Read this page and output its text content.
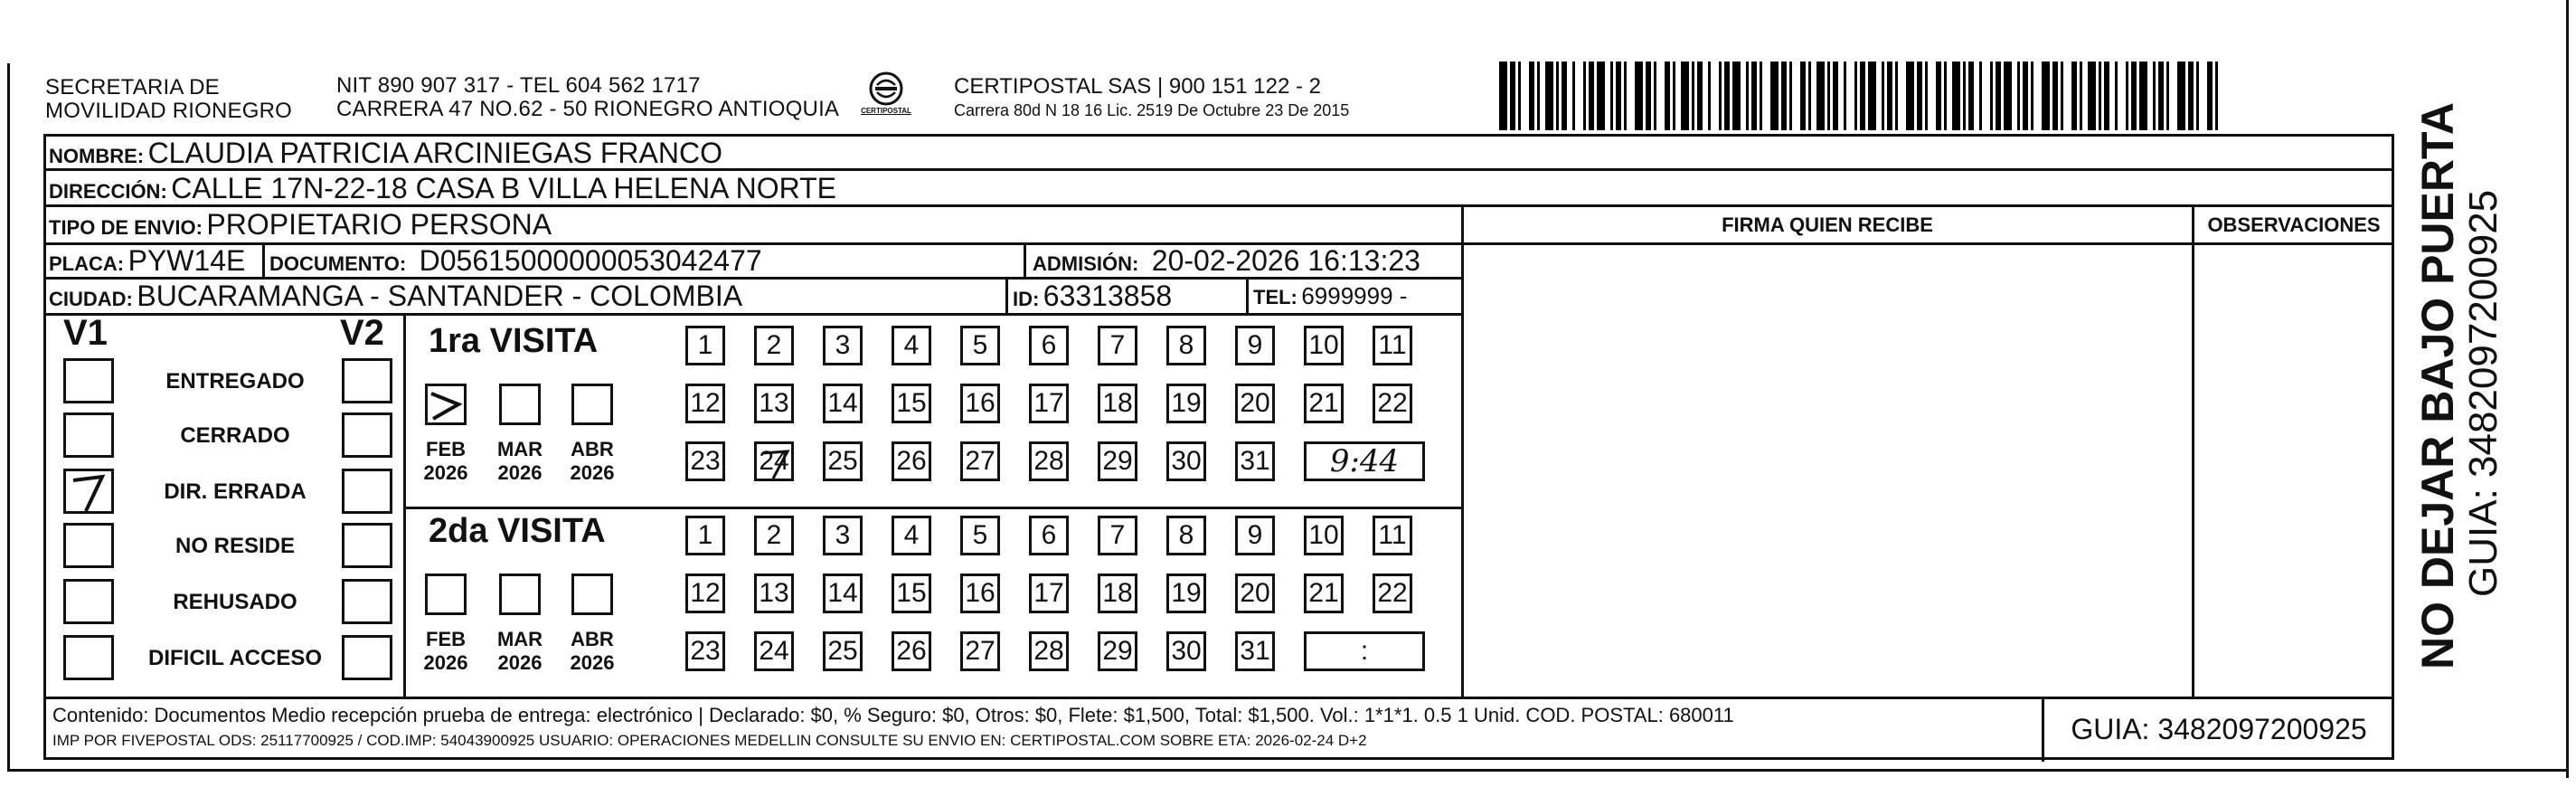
SECRETARIA DE
MOVILIDAD RIONEGRO
NIT 890 907 317 - TEL 604 562 1717
CARRERA 47 NO.62 - 50 RIONEGRO ANTIOQUIA	CERTIPOSTAL
CERTIPOSTAL SAS | 900 151 122 - 2
Carrera 80d N 18 16 Lic. 2519 De Octubre 23 De 2015
NOMBRE: CLAUDIA PATRICIA ARCINIEGAS FRANCO
DIRECCIÓN: CALLE 17N-22-18 CASA B VILLA HELENA NORTE
TIPO DE ENVIO: PROPIETARIO PERSONA	FIRMA QUIEN RECIBE	OBSERVACIONES
PLACA: PYW14E DOCUMENTO: D05615000000053042477	ADMISIÓN: 20-02-2026 16:13:23
CIUDAD: BUCARAMANGA - SANTANDER - COLOMBIA	ID: 63313858	TEL: 6999999 -
V1	V2
ENTREGADO
CERRADO
DIR. ERRADA
NO RESIDE
REHUSADO
DIFICIL ACCESO
1ra VISITA
2da VISITA
FEB
2026
MAR
2026
ABR
2026
1	2	3	4	5	6	7	8	9	10 11
12 13 14 15 16 17 18 19 20 21 22
23 24 25 26 27 28 29 30 31	9:44
FEB
2026
MAR
2026
ABR
2026
1	2	3	4	5	6	7	8	9	10 11
12 13 14 15 16 17 18 19 20 21 22
23 24 25 26 27 28 29 30 31	:
Contenido: Documentos Medio recepción prueba de entrega: electrónico | Declarado: $0, % Seguro: $0, Otros: $0, Flete: $1,500, Total: $1,500. Vol.: 1*1*1. 0.5 1 Unid. COD. POSTAL: 680011
IMP POR FIVEPOSTAL ODS: 25117700925 / COD.IMP: 54043900925 USUARIO: OPERACIONES MEDELLIN CONSULTE SU ENVIO EN: CERTIPOSTAL.COM SOBRE ETA: 2026-02-24 D+2	GUIA: 3482097200925
NO DEJAR BAJO PUERTA
GUIA: 3482097200925
